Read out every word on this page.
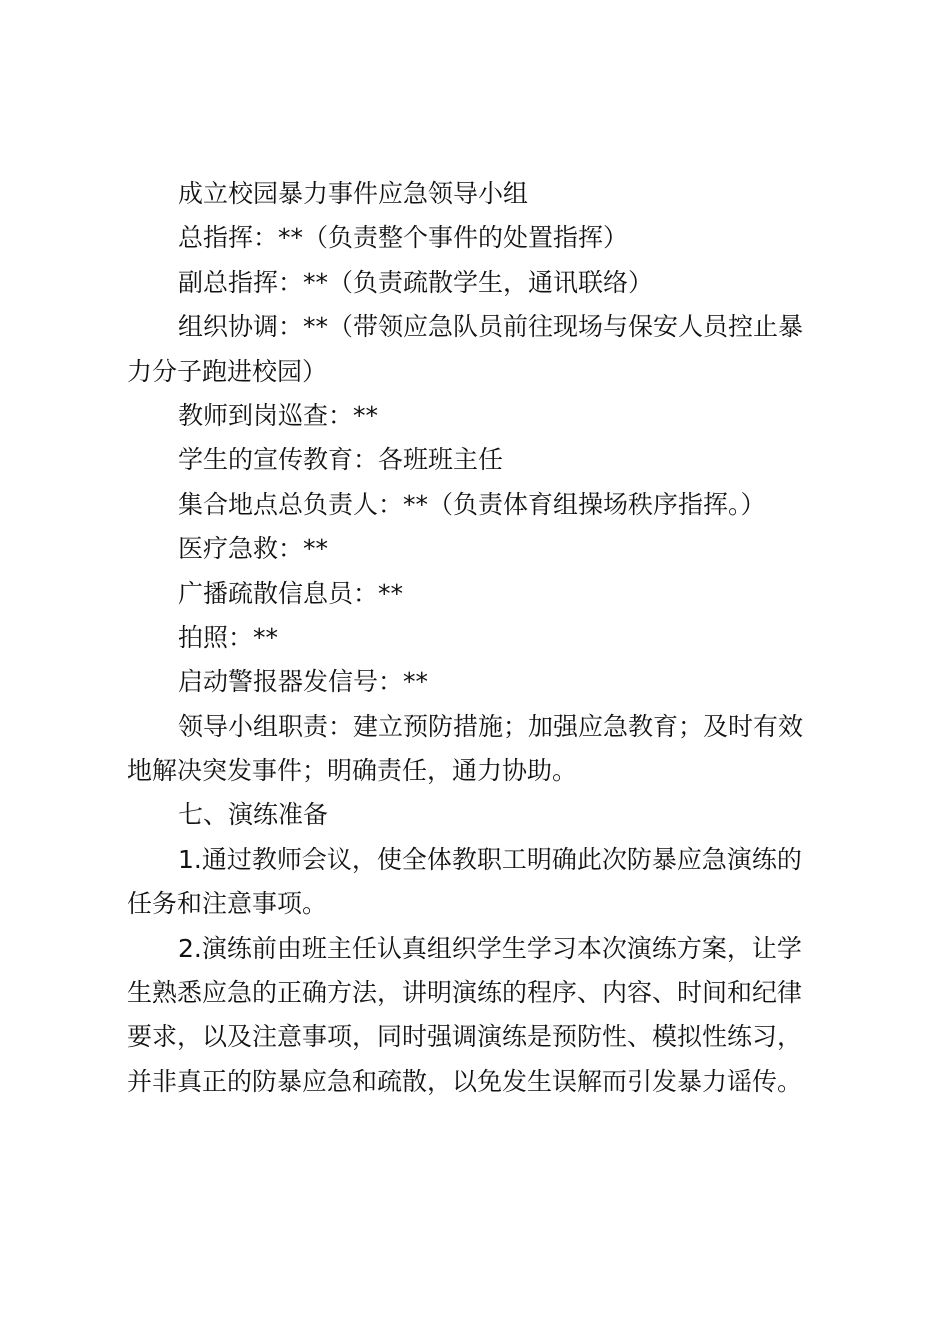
成立校园暴力事件应急领导小组
总指挥：**（负责整个事件的处置指挥）
副总指挥：**（负责疏散学生，通讯联络）
组织协调：**（带领应急队员前往现场与保安人员控止暴
力分子跑进校园）
教师到岗巡查：**
学生的宣传教育：各班班主任
集合地点总负责人：**（负责体育组操场秩序指挥。）
医疗急救：**
广播疏散信息员：**
拍照：**
启动警报器发信号：**
领导小组职责：建立预防措施；加强应急教育；及时有效
地解决突发事件；明确责任，通力协助。
七、演练准备
1.通过教师会议，使全体教职工明确此次防暴应急演练的
任务和注意事项。
2.演练前由班主任认真组织学生学习本次演练方案，让学
生熟悉应急的正确方法，讲明演练的程序、内容、时间和纪律
要求，以及注意事项，同时强调演练是预防性、模拟性练习，
并非真正的防暴应急和疏散，以免发生误解而引发暴力谣传。
